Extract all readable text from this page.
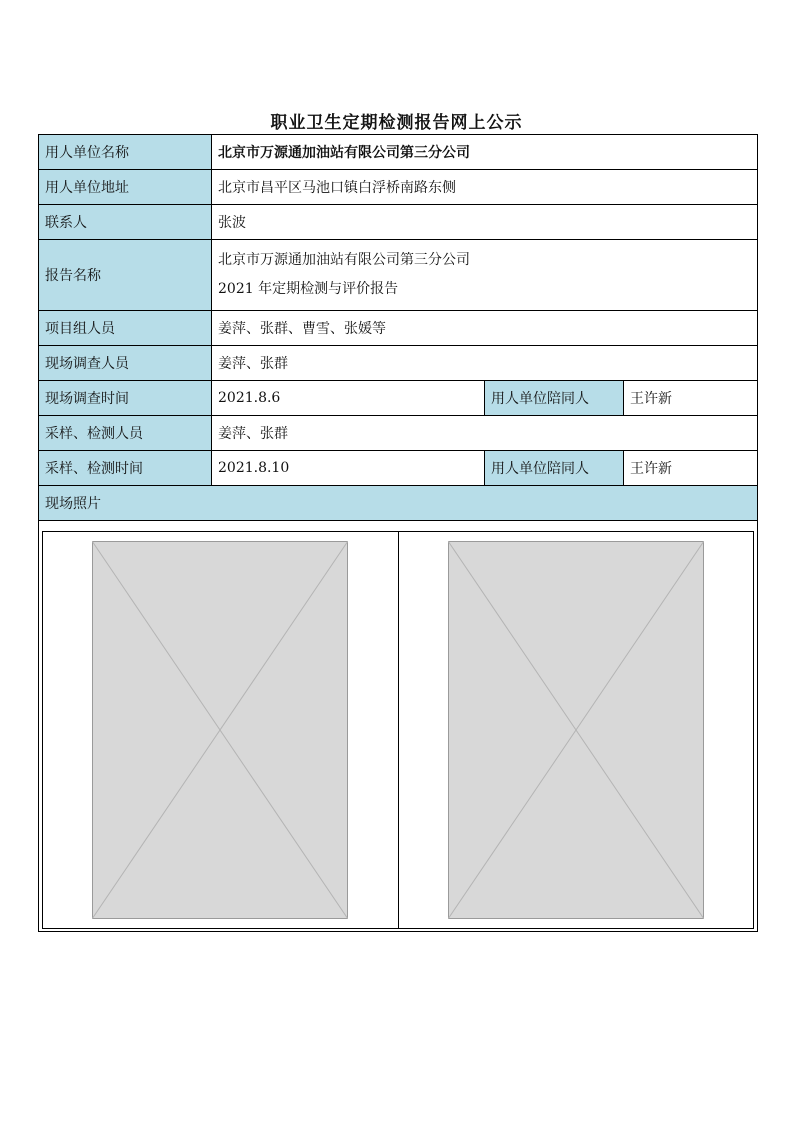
职业卫生定期检测报告网上公示
用人单位名称	北京市万源通加油站有限公司第三分公司		
用人单位地址	北京市昌平区马池口镇白浮桥南路东侧		
联系人	张波		
报告名称	北京市万源通加油站有限公司第三分公司
2021 年定期检测与评价报告		

项目组人员	姜萍、张群、曹雪、张媛等		
现场调查人员	姜萍、张群		
现场调查时间	2021.8.6	用人单位陪同人	王许新
采样、检测人员	姜萍、张群		
采样、检测时间	2021.8.10	用人单位陪同人	王许新
现场照片			
